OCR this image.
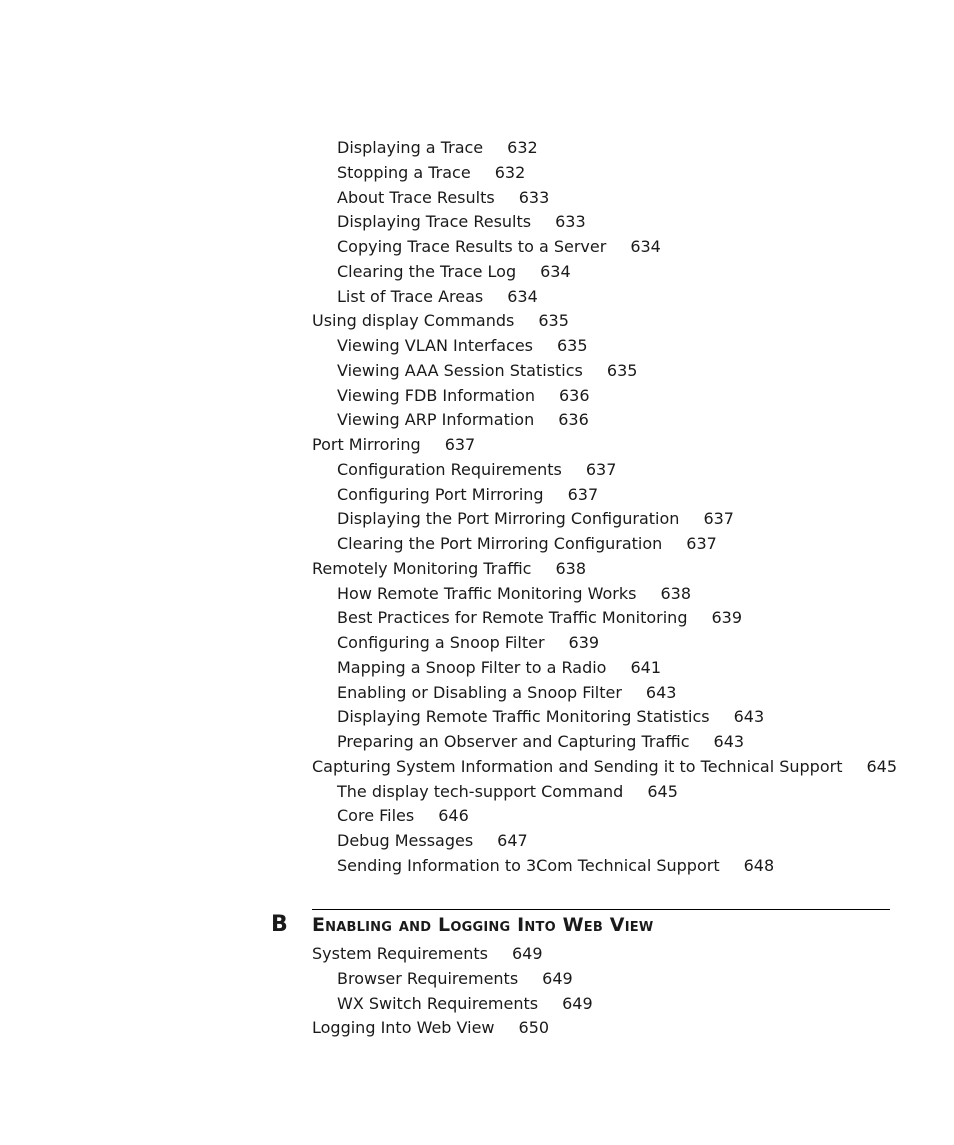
Displaying a Trace 632
Stopping a Trace 632
About Trace Results 633
Displaying Trace Results 633
Copying Trace Results to a Server 634
Clearing the Trace Log 634
List of Trace Areas 634
Using display Commands 635
Viewing VLAN Interfaces 635
Viewing AAA Session Statistics 635
Viewing FDB Information 636
Viewing ARP Information 636
Port Mirroring 637
Configuration Requirements 637
Configuring Port Mirroring 637
Displaying the Port Mirroring Configuration 637
Clearing the Port Mirroring Configuration 637
Remotely Monitoring Traffic 638
How Remote Traffic Monitoring Works 638
Best Practices for Remote Traffic Monitoring 639
Configuring a Snoop Filter 639
Mapping a Snoop Filter to a Radio 641
Enabling or Disabling a Snoop Filter 643
Displaying Remote Traffic Monitoring Statistics 643
Preparing an Observer and Capturing Traffic 643
Capturing System Information and Sending it to Technical Support 645
The display tech-support Command 645
Core Files 646
Debug Messages 647
Sending Information to 3Com Technical Support 648
B Enabling and Logging Into Web View
System Requirements 649
Browser Requirements 649
WX Switch Requirements 649
Logging Into Web View 650
